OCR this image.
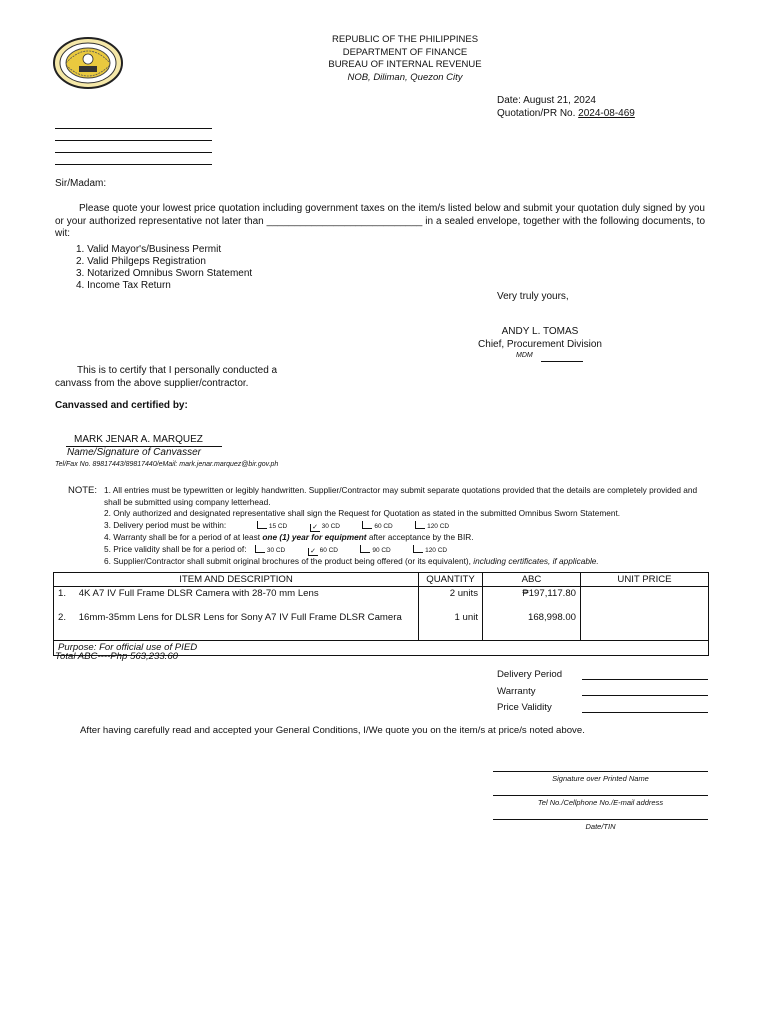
REPUBLIC OF THE PHILIPPINES
DEPARTMENT OF FINANCE
BUREAU OF INTERNAL REVENUE
NOB, Diliman, Quezon City
Date: August 21, 2024
Quotation/PR No. 2024-08-469
Sir/Madam:
Please quote your lowest price quotation including government taxes on the item/s listed below and submit your quotation duly signed by you or your authorized representative not later than ____________________________ in a sealed envelope, together with the following documents, to wit:
1. Valid Mayor's/Business Permit
2. Valid Philgeps Registration
3. Notarized Omnibus Sworn Statement
4. Income Tax Return
Very truly yours,
ANDY L. TOMAS
Chief, Procurement Division
MDM
This is to certify that I personally conducted a canvass from the above supplier/contractor.
Canvassed and certified by:
MARK JENAR A. MARQUEZ
Name/Signature of Canvasser
Tel/Fax No. 89817443/89817440/eMail: mark.jenar.marquez@bir.gov.ph
NOTE: 1. All entries must be typewritten or legibly handwritten. Supplier/Contractor may submit separate quotations provided that the details are completely provided and shall be submitted using company letterhead.
2. Only authorized and designated representative shall sign the Request for Quotation as stated in the submitted Omnibus Sworn Statement.
3. Delivery period must be within:	15 CD	✓ 30 CD	60 CD	120 CD
4. Warranty shall be for a period of at least one (1) year for equipment after acceptance by the BIR.
5. Price validity shall be for a period of:	30 CD	✓ 60 CD	90 CD	120 CD
6. Supplier/Contractor shall submit original brochures of the product being offered (or its equivalent), including certificates, if applicable.
ITEM AND DESCRIPTION	QUANTITY	ABC	UNIT PRICE
1. 4K A7 IV Full Frame DLSR Camera with 28-70 mm Lens	2 units	₱197,117.80	
2. 16mm-35mm Lens for DLSR Lens for Sony A7 IV Full Frame DLSR Camera	1 unit	168,998.00	

Purpose: For official use of PIED			
Total ABC----Php 563,233.60
Delivery Period
Warranty
Price Validity
After having carefully read and accepted your General Conditions, I/We quote you on the item/s at price/s noted above.
Signature over Printed Name
Tel No./Cellphone No./E-mail address
Date/TIN
